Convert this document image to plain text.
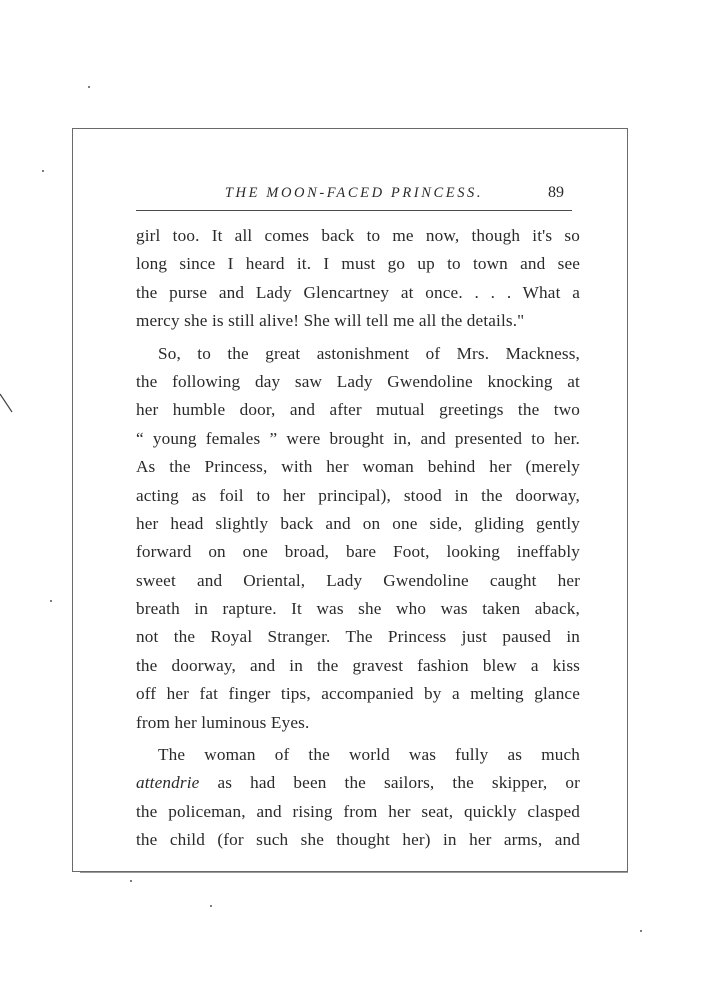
THE MOON-FACED PRINCESS.	89
girl too. It all comes back to me now, though it's so
long since I heard it. I must go up to town and see
the purse and Lady Glencartney at once. . . . What a
mercy she is still alive! She will tell me all the details."
So, to the great astonishment of Mrs. Mackness,
the following day saw Lady Gwendoline knocking at
her humble door, and after mutual greetings the two
“ young females ” were brought in, and presented to her.
As the Princess, with her woman behind her (merely
acting as foil to her principal), stood in the doorway,
her head slightly back and on one side, gliding gently
forward on one broad, bare Foot, looking ineffably
sweet and Oriental, Lady Gwendoline caught her
breath in rapture. It was she who was taken aback,
not the Royal Stranger. The Princess just paused in
the doorway, and in the gravest fashion blew a kiss
off her fat finger tips, accompanied by a melting glance
from her luminous Eyes.
The woman of the world was fully as much
attendrie as had been the sailors, the skipper, or
the policeman, and rising from her seat, quickly clasped
the child (for such she thought her) in her arms, and
